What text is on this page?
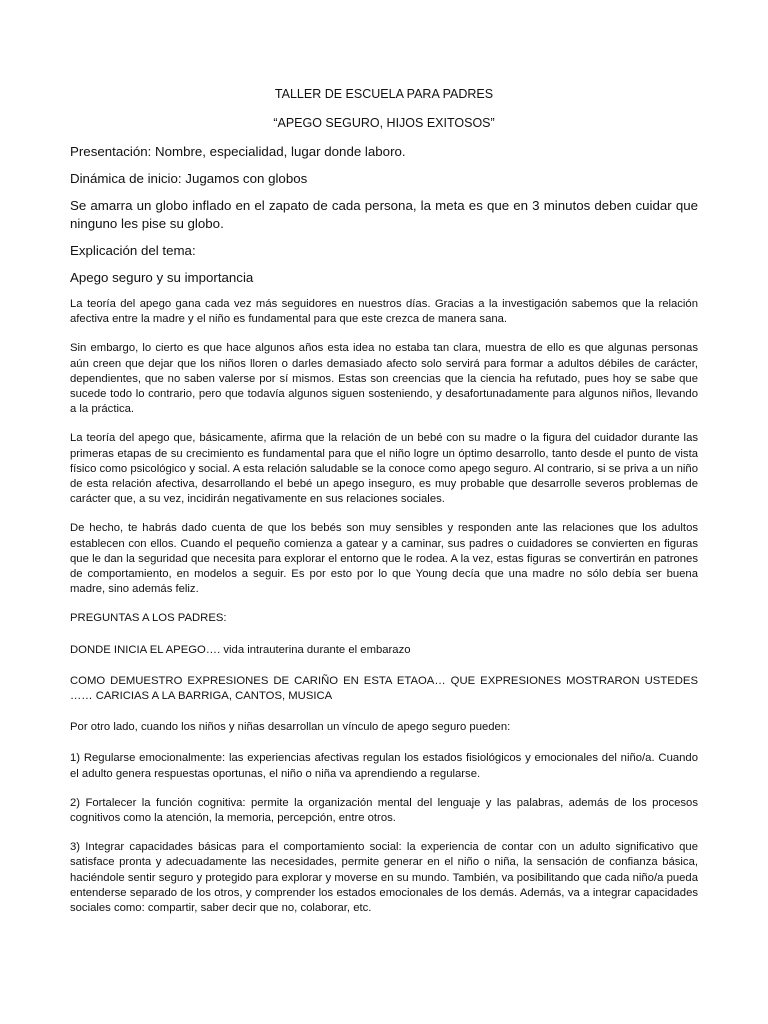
TALLER DE ESCUELA PARA PADRES

“APEGO SEGURO, HIJOS EXITOSOS”

Presentación: Nombre, especialidad, lugar donde laboro.

Dinámica de inicio: Jugamos con globos

Se amarra un globo inflado en el zapato de cada persona, la meta es que en 3 minutos deben cuidar que ninguno les pise su globo.

Explicación del tema:

Apego seguro y su importancia

La teoría del apego gana cada vez más seguidores en nuestros días. Gracias a la investigación sabemos que la relación afectiva entre la madre y el niño es fundamental para que este crezca de manera sana.

Sin embargo, lo cierto es que hace algunos años esta idea no estaba tan clara, muestra de ello es que algunas personas aún creen que dejar que los niños lloren o darles demasiado afecto solo servirá para formar a adultos débiles de carácter, dependientes, que no saben valerse por sí mismos. Estas son creencias que la ciencia ha refutado, pues hoy se sabe que sucede todo lo contrario, pero que todavía algunos siguen sosteniendo, y desafortunadamente para algunos niños, llevando a la práctica.

La teoría del apego que, básicamente, afirma que la relación de un bebé con su madre o la figura del cuidador durante las primeras etapas de su crecimiento es fundamental para que el niño logre un óptimo desarrollo, tanto desde el punto de vista físico como psicológico y social. A esta relación saludable se la conoce como apego seguro. Al contrario, si se priva a un niño de esta relación afectiva, desarrollando el bebé un apego inseguro, es muy probable que desarrolle severos problemas de carácter que, a su vez, incidirán negativamente en sus relaciones sociales.

De hecho, te habrás dado cuenta de que los bebés son muy sensibles y responden ante las relaciones que los adultos establecen con ellos. Cuando el pequeño comienza a gatear y a caminar, sus padres o cuidadores se convierten en figuras que le dan la seguridad que necesita para explorar el entorno que le rodea. A la vez, estas figuras se convertirán en patrones de comportamiento, en modelos a seguir. Es por esto por lo que Young decía que una madre no sólo debía ser buena madre, sino además feliz.

PREGUNTAS A LOS PADRES:

DONDE INICIA EL APEGO…. vida intrauterina durante el embarazo

COMO DEMUESTRO EXPRESIONES DE CARIÑO EN ESTA ETAOA… QUE EXPRESIONES MOSTRARON USTEDES …… CARICIAS A LA BARRIGA, CANTOS, MUSICA

Por otro lado, cuando los niños y niñas desarrollan un vínculo de apego seguro pueden:

1) Regularse emocionalmente: las experiencias afectivas regulan los estados fisiológicos y emocionales del niño/a. Cuando el adulto genera respuestas oportunas, el niño o niña va aprendiendo a regularse.

2) Fortalecer la función cognitiva: permite la organización mental del lenguaje y las palabras, además de los procesos cognitivos como la atención, la memoria, percepción, entre otros.

3) Integrar capacidades básicas para el comportamiento social: la experiencia de contar con un adulto significativo que satisface pronta y adecuadamente las necesidades, permite generar en el niño o niña, la sensación de confianza básica, haciéndole sentir seguro y protegido para explorar y moverse en su mundo. También, va posibilitando que cada niño/a pueda entenderse separado de los otros, y comprender los estados emocionales de los demás. Además, va a integrar capacidades sociales como: compartir, saber decir que no, colaborar, etc.
